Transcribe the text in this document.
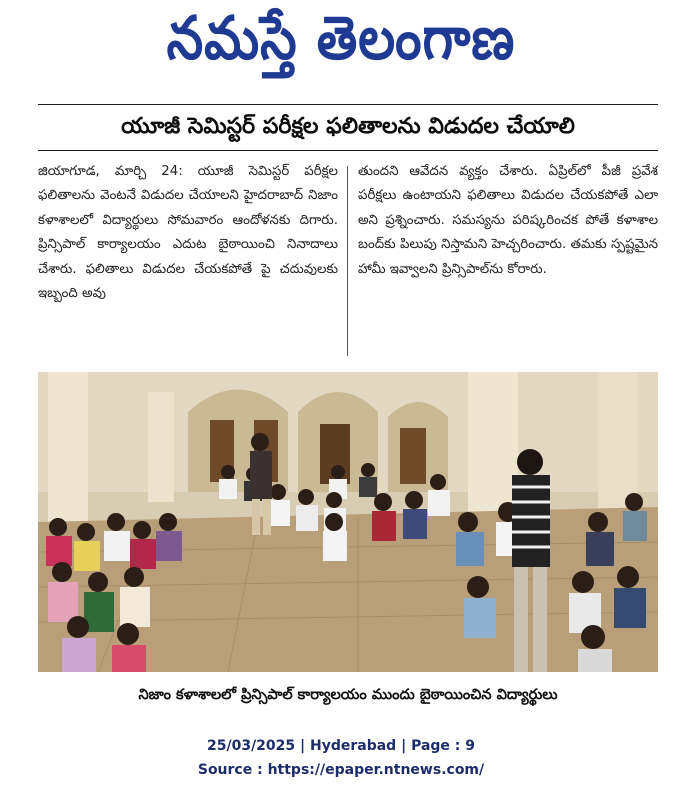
నమస్తే తెలంగాణ
యూజీ సెమిస్టర్ పరీక్షల ఫలితాలను విడుదల చేయాలి
జియాగూడ, మార్చి 24: యూజీ సెమిస్టర్ పరీక్షల ఫలితాలను వెంటనే విడుదల చేయాలని హైదరాబాద్ నిజాం కళాశాలలో విద్యార్థులు సోమవారం ఆందోళనకు దిగారు. ప్రిన్సిపాల్ కార్యాలయం ఎదుట బైఠాయించి నినాదాలు చేశారు. ఫలితాలు విడుదల చేయకపోతే పై చదువులకు ఇబ్బంది అవు
తుందని ఆవేదన వ్యక్తం చేశారు. ఏప్రిల్‌లో పీజీ ప్రవేశ పరీక్షలు ఉంటాయని ఫలితాలు విడుదల చేయకపోతే ఎలా అని ప్రశ్నించారు. సమస్యను పరిష్కరించక పోతే కళాశాల బంద్‌కు పిలుపు నిస్తామని హెచ్చరించారు. తమకు స్పష్టమైన హామీ ఇవ్వాలని ప్రిన్సిపాల్‌ను కోరారు.
నిజాం కళాశాలలో ప్రిన్సిపాల్ కార్యాలయం ముందు బైఠాయించిన విద్యార్థులు
25/03/2025 | Hyderabad | Page : 9
Source : https://epaper.ntnews.com/
